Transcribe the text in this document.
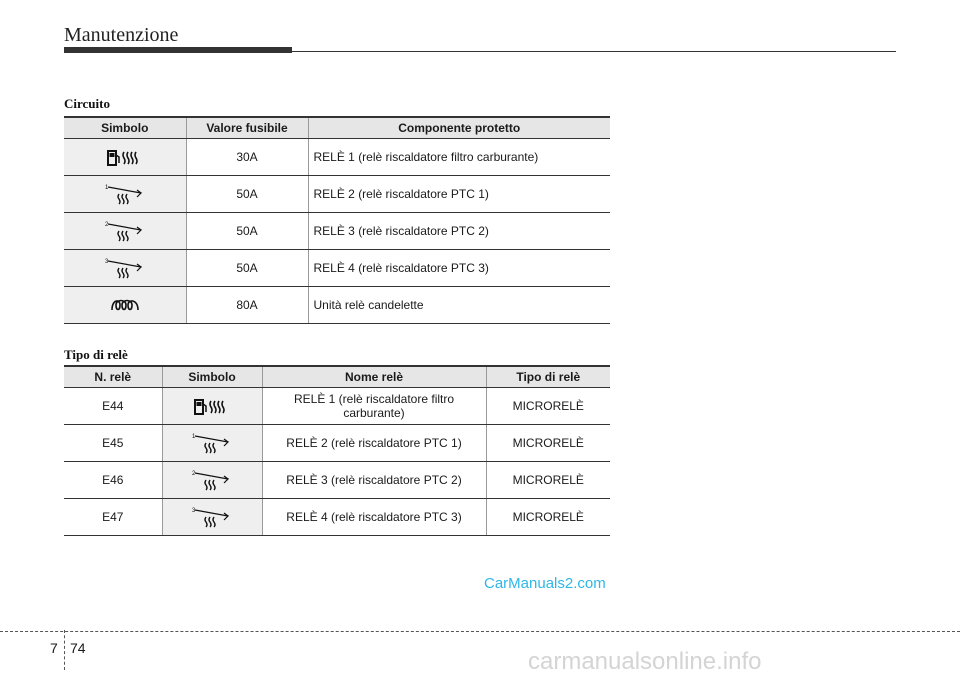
Manutenzione
Circuito
Simbolo	Valore fusibile	Componente protetto
	30A	RELÈ 1 (relè riscaldatore filtro carburante)

1	50A	RELÈ 2 (relè riscaldatore PTC 1)

2	50A	RELÈ 3 (relè riscaldatore PTC 2)

3	50A	RELÈ 4 (relè riscaldatore PTC 3)
	80A	Unità relè candelette
Tipo di relè
N. relè	Simbolo	Nome relè	Tipo di relè
E44		RELÈ 1 (relè riscaldatore filtro carburante)	MICRORELÈ
E45	1	RELÈ 2 (relè riscaldatore PTC 1)	MICRORELÈ
E46	2	RELÈ 3 (relè riscaldatore PTC 2)	MICRORELÈ
E47	3	RELÈ 4 (relè riscaldatore PTC 3)	MICRORELÈ
CarManuals2.com
7 74	carmanualsonline.info
